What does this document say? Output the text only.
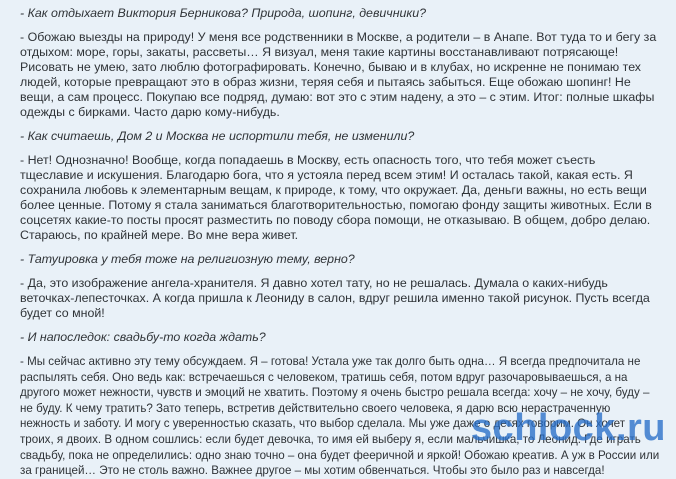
- Как отдыхает Виктория Берникова? Природа, шопинг, девичники?

- Обожаю выезды на природу! У меня все родственники в Москве, а родители – в Анапе. Вот туда то и бегу за отдыхом: море, горы, закаты, рассветы… Я визуал, меня такие картины восстанавливают потрясающе! Рисовать не умею, зато люблю фотографировать. Конечно, бываю и в клубах, но искренне не понимаю тех людей, которые превращают это в образ жизни, теряя себя и пытаясь забыться. Еще обожаю шопинг! Не вещи, а сам процесс. Покупаю все подряд, думаю: вот это с этим надену, а это – с этим. Итог: полные шкафы одежды с бирками. Часто дарю кому-нибудь.

- Как считаешь, Дом 2 и Москва не испортили тебя, не изменили?

- Нет! Однозначно! Вообще, когда попадаешь в Москву, есть опасность того, что тебя может съесть тщеславие и искушения. Благодарю бога, что я устояла перед всем этим! И осталась такой, какая есть. Я сохранила любовь к элементарным вещам, к природе, к тому, что окружает. Да, деньги важны, но есть вещи более ценные. Потому я стала заниматься благотворительностью, помогаю фонду защиты животных. Если в соцсетях какие-то посты просят разместить по поводу сбора помощи, не отказываю. В общем, добро делаю. Стараюсь, по крайней мере. Во мне вера живет.

- Татуировка у тебя тоже на религиозную тему, верно?

- Да, это изображение ангела-хранителя. Я давно хотел тату, но не решалась. Думала о каких-нибудь веточках-лепесточках. А когда пришла к Леониду в салон, вдруг решила именно такой рисунок. Пусть всегда будет со мной!

- И напоследок: свадьбу-то когда ждать?

- Мы сейчас активно эту тему обсуждаем. Я – готова! Устала уже так долго быть одна… Я всегда предпочитала не распылять себя. Оно ведь как: встречаешься с человеком, тратишь себя, потом вдруг разочаровываешься, а на другого может нежности, чувств и эмоций не хватить. Поэтому я очень быстро решала всегда: хочу – не хочу, буду – не буду. К чему тратить? Зато теперь, встретив действительно своего человека, я дарю всю нерастраченную нежность и заботу. И могу с уверенностью сказать, что выбор сделала. Мы уже даже о детях говорим. Он хочет троих, я двоих. В одном сошлись: если будет девочка, то имя ей выберу я, если мальчишка, то Леонид. Где играть свадьбу, пока не определились: одно знаю точно – она будет фееричной и яркой! Обожаю креатив. А уж в России или за границей… Это не столь важно. Важнее другое – мы хотим обвенчаться. Чтобы это было раз и навсегда!

schlock.ru
